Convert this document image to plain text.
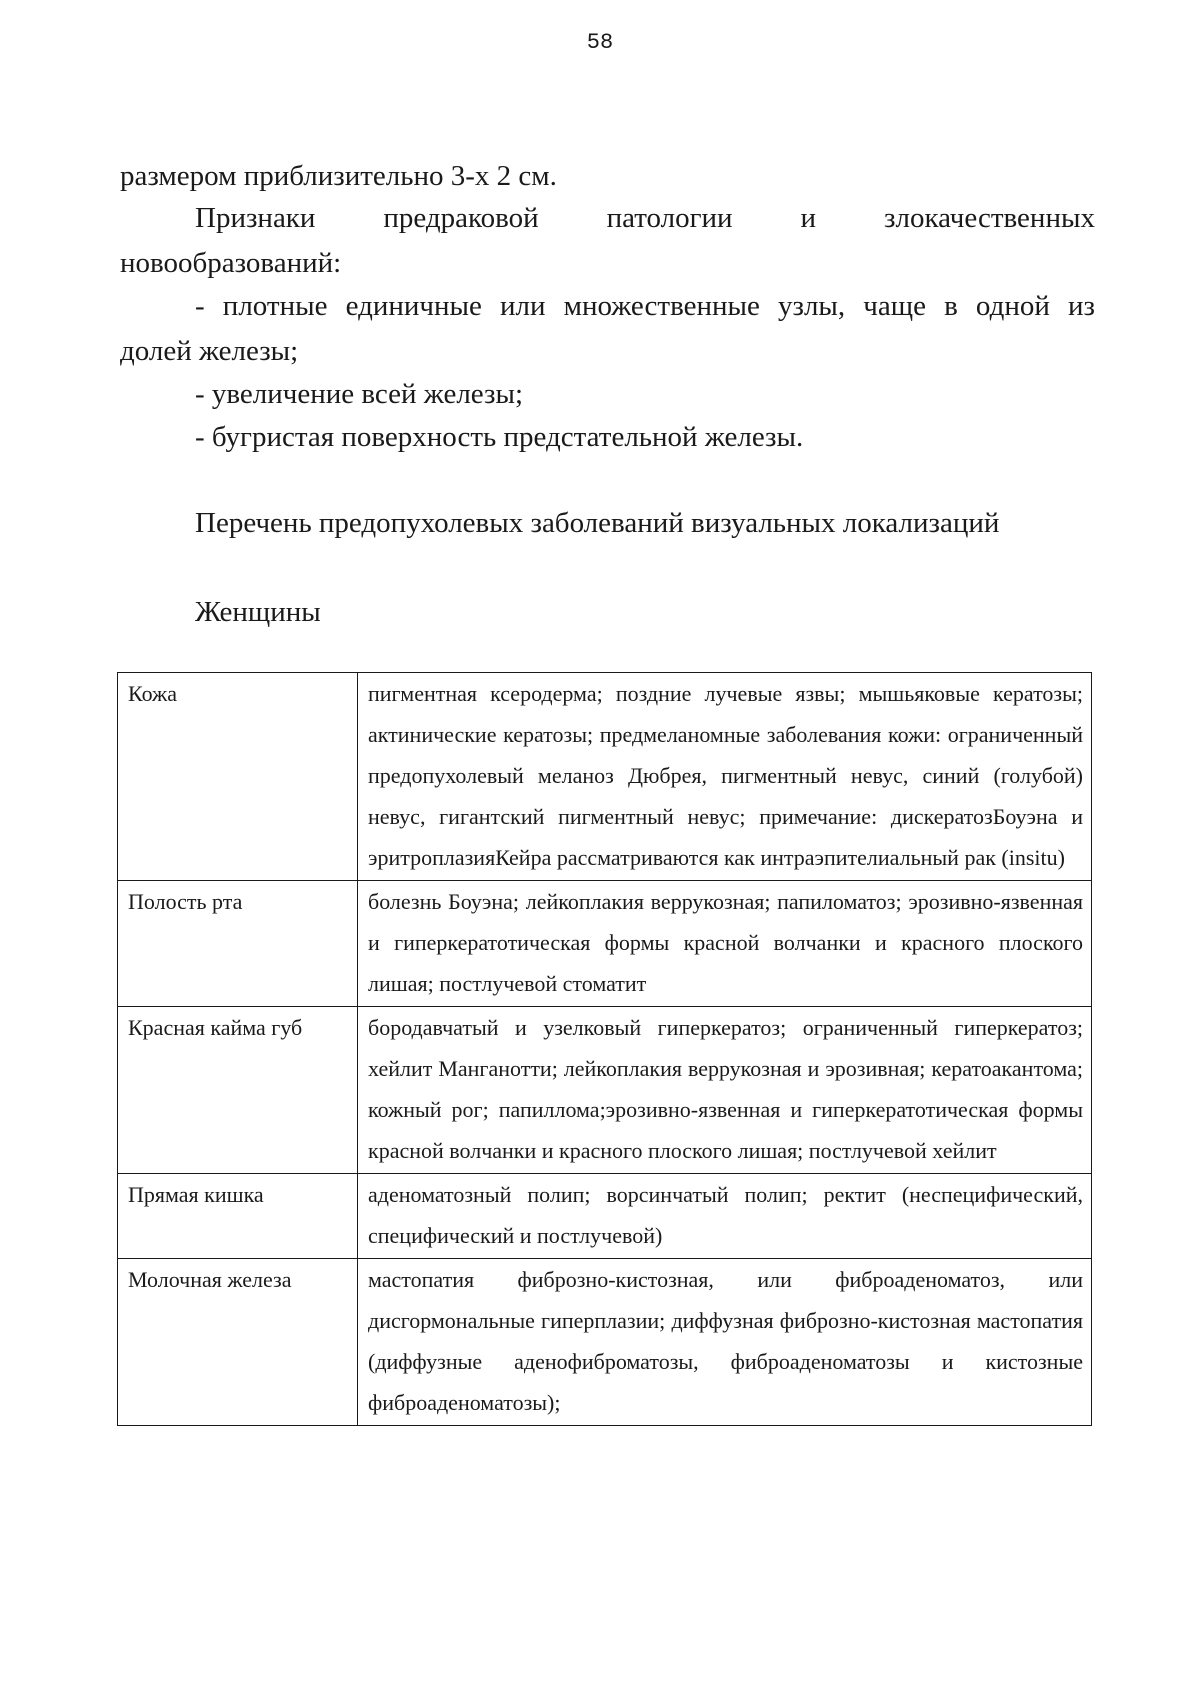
58
размером приблизительно 3-х 2 см.
Признаки предраковой патологии и злокачественных
новообразований:
- плотные единичные или множественные узлы, чаще в одной из
долей железы;
- увеличение всей железы;
- бугристая поверхность предстательной железы.
Перечень предопухолевых заболеваний визуальных локализаций
Женщины
Кожа	пигментная ксеродерма; поздние лучевые язвы; мышьяковые кератозы; актинические кератозы; предмеланомные заболевания кожи: ограниченный предопухолевый меланоз Дюбрея, пигментный невус, синий (голубой) невус, гигантский пигментный невус; примечание: дискератозБоуэна и эритроплазияКейра рассматриваются как интраэпителиальный рак (insitu)
Полость рта	болезнь Боуэна; лейкоплакия веррукозная; папиломатоз; эрозивно-язвенная и гиперкератотическая формы красной волчанки и красного плоского лишая; постлучевой стоматит
Красная кайма губ	бородавчатый и узелковый гиперкератоз; ограниченный гиперкератоз; хейлит Манганотти; лейкоплакия веррукозная и эрозивная; кератоакантома; кожный рог; папиллома;эрозивно-язвенная и гиперкератотическая формы красной волчанки и красного плоского лишая; постлучевой хейлит
Прямая кишка	аденоматозный полип; ворсинчатый полип; ректит (неспецифический, специфический и постлучевой)
Молочная железа	мастопатия фиброзно-кистозная, или фиброаденоматоз, или дисгормональные гиперплазии; диффузная фиброзно-кистозная мастопатия (диффузные аденофиброматозы, фиброаденоматозы и кистозные фиброаденоматозы);
